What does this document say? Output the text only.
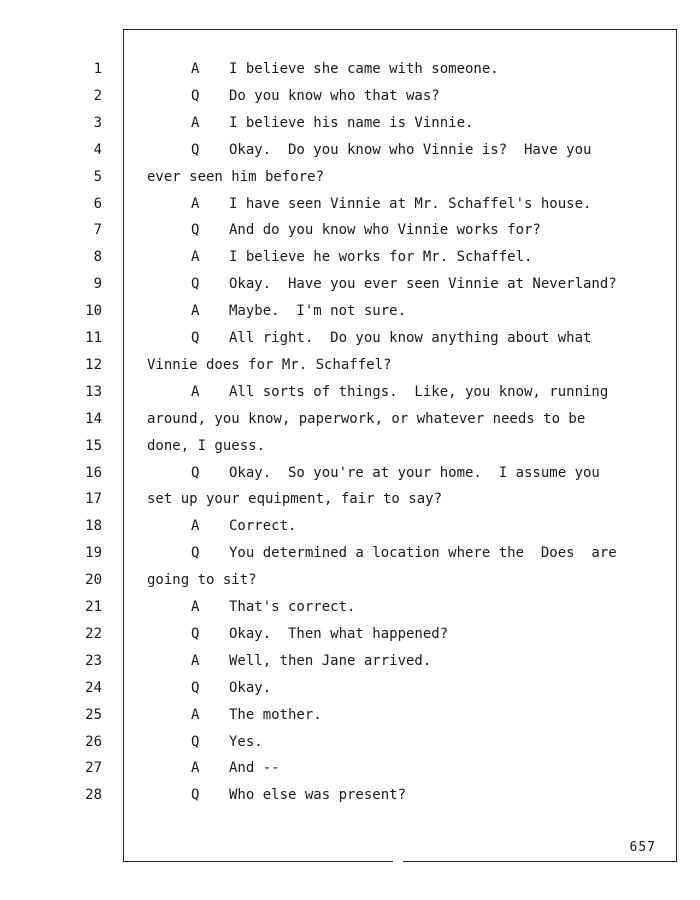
1	A	I believe she came with someone.
2	Q	Do you know who that was?
3	A	I believe his name is Vinnie.
4	Q	Okay.  Do you know who Vinnie is?  Have you
5	ever seen him before?
6	A	I have seen Vinnie at Mr. Schaffel's house.
7	Q	And do you know who Vinnie works for?
8	A	I believe he works for Mr. Schaffel.
9	Q	Okay.  Have you ever seen Vinnie at Neverland?
10	A	Maybe.  I'm not sure.
11	Q	All right.  Do you know anything about what
12	Vinnie does for Mr. Schaffel?
13	A	All sorts of things.  Like, you know, running
14	around, you know, paperwork, or whatever needs to be
15	done, I guess.
16	Q	Okay.  So you're at your home.  I assume you
17	set up your equipment, fair to say?
18	A	Correct.
19	Q	You determined a location where the  Does  are
20	going to sit?
21	A	That's correct.
22	Q	Okay.  Then what happened?
23	A	Well, then Jane arrived.
24	Q	Okay.
25	A	The mother.
26	Q	Yes.
27	A	And --
28	Q	Who else was present?
657
